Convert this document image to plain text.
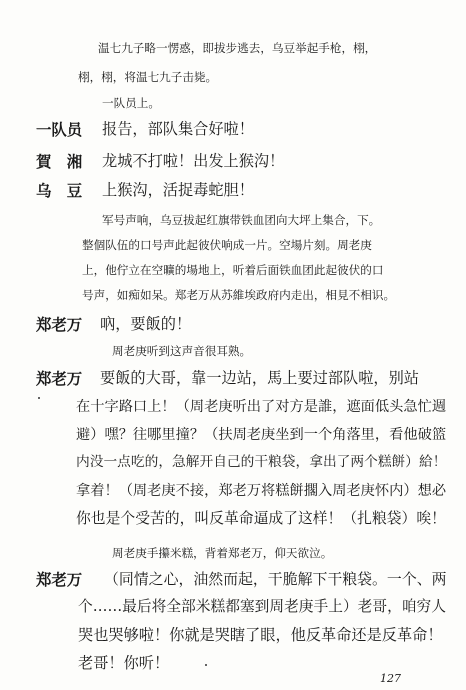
温七九子略一愣惑，即拔步逃去，乌豆举起手枪，栩，
栩，栩，将温七九子击毙。
一队员上。
一队员 报告，部队集合好啦！
賀　湘 龙城不打啦！出发上猴沟！
乌　豆 上猴沟，活捉毒蛇胆！
军号声响，乌豆拔起红旗带铁血团向大坪上集合，下。
整個队伍的口号声此起彼伏响成一片。空場片刻。周老庚
上，他佇立在空曠的場地上，听着后面铁血团此起彼伏的口
号声，如痴如呆。郑老万从苏維埃政府内走出，相見不相识。
郑老万 吶，要飯的！
周老庚听到这声音很耳熟。
郑老万 要飯的大哥，靠一边站，馬上要过部队啦，别站
在十字路口上！（周老庚听出了对方是誰，遮面低头急忙週
避）嘿？往哪里撞？（扶周老庚坐到一个角落里，看他破篮
内没一点吃的，急解开自己的干粮袋，拿出了两个糕餅）給！
拿着！（周老庚不接，郑老万将糕餅擱入周老庚怀内）想必
你也是个受苦的，叫反革命逼成了这样！（扎粮袋）唉！
周老庚手攥米糕，背着郑老万，仰天欲泣。
郑老万 （同情之心，油然而起，干脆解下干粮袋。一个、两
个……最后将全部米糕都塞到周老庚手上）老哥，咱穷人
哭也哭够啦！你就是哭瞎了眼，他反革命还是反革命！
老哥！你听！
127
